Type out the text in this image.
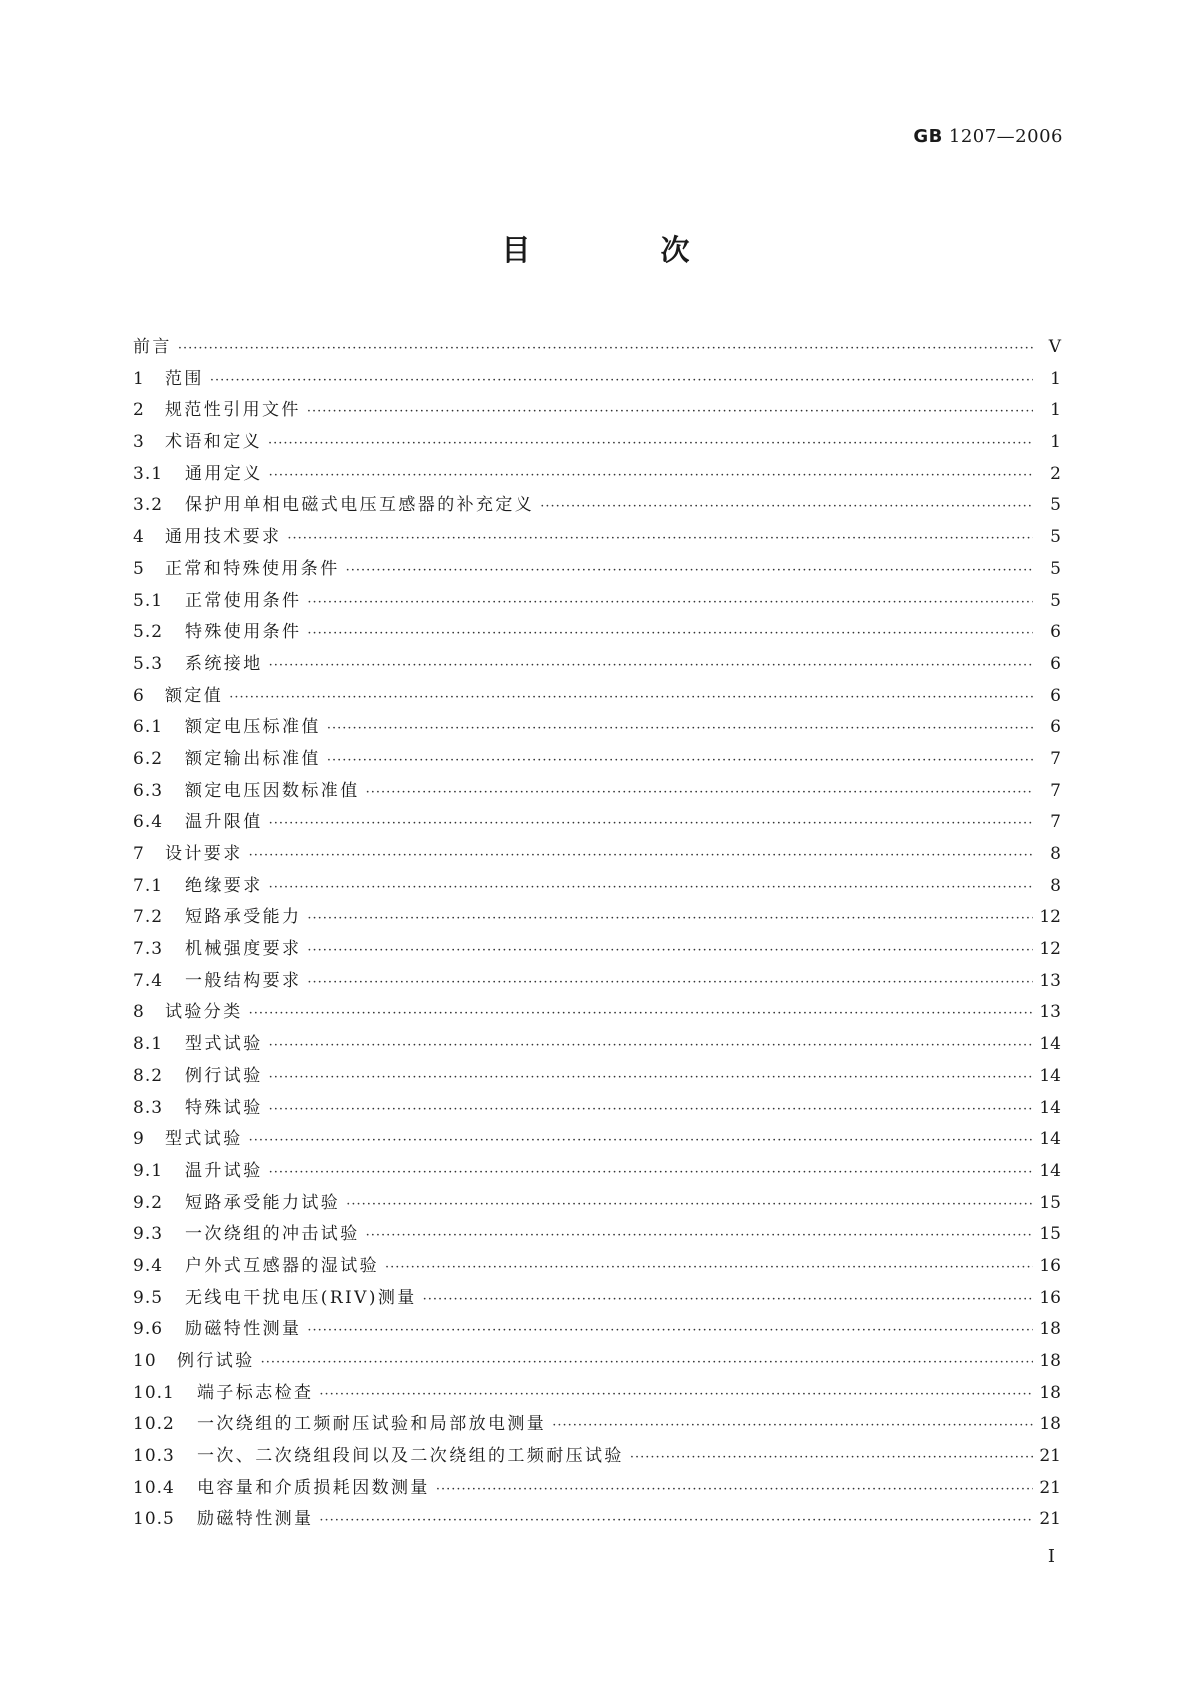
GB 1207—2006
目 次
前言 ·····	V
1	范围 ·····	1
2	规范性引用文件 ·····	1
3	术语和定义 ·····	1
3.1	通用定义 ·····	2
3.2	保护用单相电磁式电压互感器的补充定义 ·····	5
4	通用技术要求 ·····	5
5	正常和特殊使用条件 ·····	5
5.1	正常使用条件 ·····	5
5.2	特殊使用条件 ·····	6
5.3	系统接地 ·····	6
6	额定值 ·····	6
6.1	额定电压标准值 ·····	6
6.2	额定输出标准值 ·····	7
6.3	额定电压因数标准值 ·····	7
6.4	温升限值 ·····	7
7	设计要求 ·····	8
7.1	绝缘要求 ·····	8
7.2	短路承受能力 ·····	12
7.3	机械强度要求 ·····	12
7.4	一般结构要求 ·····	13
8	试验分类 ·····	13
8.1	型式试验 ·····	14
8.2	例行试验 ·····	14
8.3	特殊试验 ·····	14
9	型式试验 ·····	14
9.1	温升试验 ·····	14
9.2	短路承受能力试验 ·····	15
9.3	一次绕组的冲击试验 ·····	15
9.4	户外式互感器的湿试验 ·····	16
9.5	无线电干扰电压(RIV)测量 ·····	16
9.6	励磁特性测量 ·····	18
10	例行试验 ·····	18
10.1	端子标志检查 ·····	18
10.2	一次绕组的工频耐压试验和局部放电测量 ·····	18
10.3	一次、二次绕组段间以及二次绕组的工频耐压试验 ·····	21
10.4	电容量和介质损耗因数测量 ·····	21
10.5	励磁特性测量 ·····	21
I
